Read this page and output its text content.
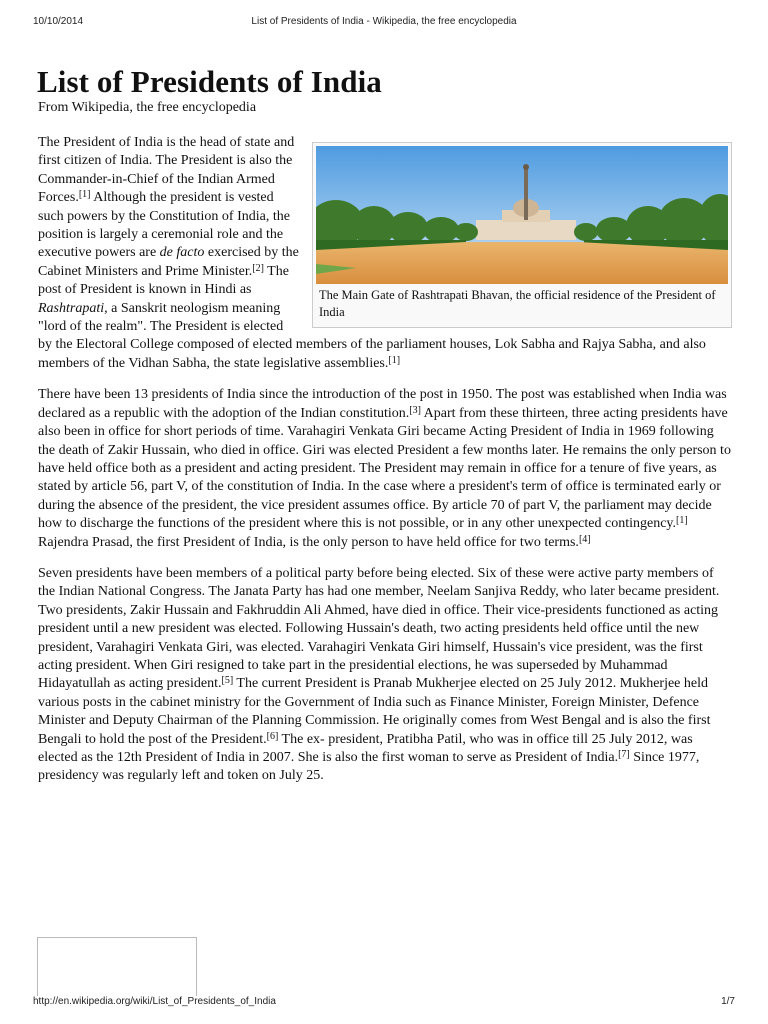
10/10/2014	List of Presidents of India - Wikipedia, the free encyclopedia
List of Presidents of India
From Wikipedia, the free encyclopedia
The Main Gate of Rashtrapati Bhavan, the official residence of the President of India

The President of India is the head of state and first citizen of India. The President is also the Commander-in-Chief of the Indian Armed Forces.[1] Although the president is vested such powers by the Constitution of India, the position is largely a ceremonial role and the executive powers are de facto exercised by the Cabinet Ministers and Prime Minister.[2] The post of President is known in Hindi as Rashtrapati, a Sanskrit neologism meaning "lord of the realm". The President is elected by the Electoral College composed of elected members of the parliament houses, Lok Sabha and Rajya Sabha, and also members of the Vidhan Sabha, the state legislative assemblies.[1]

There have been 13 presidents of India since the introduction of the post in 1950. The post was established when India was declared as a republic with the adoption of the Indian constitution.[3] Apart from these thirteen, three acting presidents have also been in office for short periods of time. Varahagiri Venkata Giri became Acting President of India in 1969 following the death of Zakir Hussain, who died in office. Giri was elected President a few months later. He remains the only person to have held office both as a president and acting president. The President may remain in office for a tenure of five years, as stated by article 56, part V, of the constitution of India. In the case where a president's term of office is terminated early or during the absence of the president, the vice president assumes office. By article 70 of part V, the parliament may decide how to discharge the functions of the president where this is not possible, or in any other unexpected contingency.[1] Rajendra Prasad, the first President of India, is the only person to have held office for two terms.[4]

Seven presidents have been members of a political party before being elected. Six of these were active party members of the Indian National Congress. The Janata Party has had one member, Neelam Sanjiva Reddy, who later became president. Two presidents, Zakir Hussain and Fakhruddin Ali Ahmed, have died in office. Their vice-presidents functioned as acting president until a new president was elected. Following Hussain's death, two acting presidents held office until the new president, Varahagiri Venkata Giri, was elected. Varahagiri Venkata Giri himself, Hussain's vice president, was the first acting president. When Giri resigned to take part in the presidential elections, he was superseded by Muhammad Hidayatullah as acting president.[5] The current President is Pranab Mukherjee elected on 25 July 2012. Mukherjee held various posts in the cabinet ministry for the Government of India such as Finance Minister, Foreign Minister, Defence Minister and Deputy Chairman of the Planning Commission. He originally comes from West Bengal and is also the first Bengali to hold the post of the President.[6] The ex- president, Pratibha Patil, who was in office till 25 July 2012, was elected as the 12th President of India in 2007. She is also the first woman to serve as President of India.[7] Since 1977, presidency was regularly left and token on July 25.

http://en.wikipedia.org/wiki/List_of_Presidents_of_India	1/7
